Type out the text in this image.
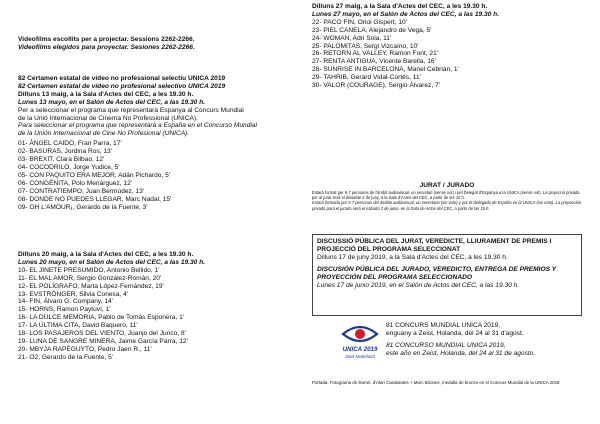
Videofilms escollits per a projectar. Sessions 2262-2266.
Videofilms elegidos para proyectar. Sesiones 2262-2266.
82 Certamen estatal de vídeo no professional selectiu UNICA 2019
82 Certamen estatal de vídeo no profesional selectivo UNICA 2019
Dilluns 13 maig, a la Sala d'Actes del CEC, a les 19.30 h.
Lunes 13 mayo, en el Salón de Actos del CEC, a las 19.30 h.
Per a seleccionar el programa que representarà Espanya al Concurs Mundial
de la Unió Internacional de Cinema No Professional (UNICA).
Para seleccionar el programa que representará a España en el Concurso Mundial
de la Unión Internacional de Cine No Profesional (UNICA).
01- ÀNGEL CAIDO, Fran Parra, 17'
02- BASURAS, Jordina Ros, 13'
03- BREXIT, Clara Bilbao, 12'
04- COCODRILO, Jorge Yudice, 5'
05- CON PAQUITO ERA MEJOR, Adán Pichardo, 5'
06- CONGÈNITA, Polo Menárguez, 12'
07- CONTRATIEMPO, Juan Bermúdez, 13'
08- DONDE NO PUEDES LLEGAR, Marc Nadal, 15'
09- OH L'AMOUR¡, Gerardo de la Fuente, 3'
Dilluns 20 maig, a la Sala d'Actes del CEC, a les 19.30 h.
Lunes 20 mayo, en el Salón de Actos del CEC, a las 19.30 h.
10- EL JINETE PRESUMIDO, Antonio Bellido, 1'
11- EL MAL AMOR, Sergio González-Román, 20'
12- EL POLÍGRAFO, Marta López-Fernández, 19'
13- EVSTRÖNGER, Silvia Conesa, 4'
14- FIN, Álvaro G. Company, 14'
15- HORNS, Ramon Paytuví, 1'
16- LA DULCE MEMORIA, Pablo de Tomás Esponera, 1'
17- LA ÚLTIMA CITA, David Baquero, 11'
18- LOS PASAJEROS DEL VIENTO, Juanjo del Junco, 8'
19- LUNA DE SANGRE MINERA, Jaime García Parra, 12'
20- MBYJA RAPÉGUYTO, Pedro Jaen R., 11'
21- O2, Gerardo de la Fuente, 5'
Dilluns 27 maig, a la Sala d'Actes del CEC, a les 19.30 h.
Lunes 27 mayo, en el Salón de Actos del CEC, a las 19.30 h.
22- PACO FIN, Oriol Gispert, 10'
23- PIEL CANELA, Alejandro de Vega, 5'
24- WOMAN, Adri Sola, 11'
25- PALOMITAS, Sergi Vizcaíno, 10'
26- RETORN AL VALLEY, Ramon Font, 21'
27- RENTA ANTIGUA, Vicente Barella, 16'
28- SUNRISE IN BARCELONA, Manel Cebrián, 1'
29- TAHRIB, Gerard Vidal-Cortés, 11'
30- VALOR (COURAGE), Sergio Álvarez, 7'
JURAT / JURADO
Estarà format per 5-7 persones de l'àmbit audiovisual, un secretari (sense vot) i pel Delegat d'Espanya a la UNICA (sense vot). La projecció privada per al jurat serà el dissabte 2 de juny, a la Sala d'Actes del CEC, a partir de les 10 h.
Estará formado por 5-7 personas del ámbito audiovisual, un secretario (sin voto) y por el Delegado de España en la UNICA (sin voto). La proyección privada para el jurado será el sábado 2 de junio, en la Sala de Actos del CEC, a partir de las 10 h.
DISCUSSIÓ PÚBLICA DEL JURAT, VEREDICTE, LLIURAMENT DE PREMIS I PROJECCIÓ DEL PROGRAMA SELECCIONAT
Dilluns 17 de juny 2019, a la Sala d'Actes del CEC, a les 19.30 h.
DISCUSIÓN PÚBLICA DEL JURADO, VEREDICTO, ENTREGA DE PREMIOS Y PROYECCIÓN DEL PROGRAMA SELECCIONADO
Lunes 17 de junio 2019, en el Salón de Actos del CEC, a las 19.30 h.
UNICA 2019
Zeist Nederland
81 CONCURS MUNDIAL UNICA 2019,
enguany a Zeist, Holanda, del 24 al 31 d'agost.
81 CONCURSO MUNDIAL UNICA 2019,
este año en Zeist, Holanda, del 24 al 31 de agosto.
Portada: Fotograma de Darrel, d'Alan Carabantes + Marc Briones, medalla de bronze en el Concurs Mundial de la UNICA 2018
